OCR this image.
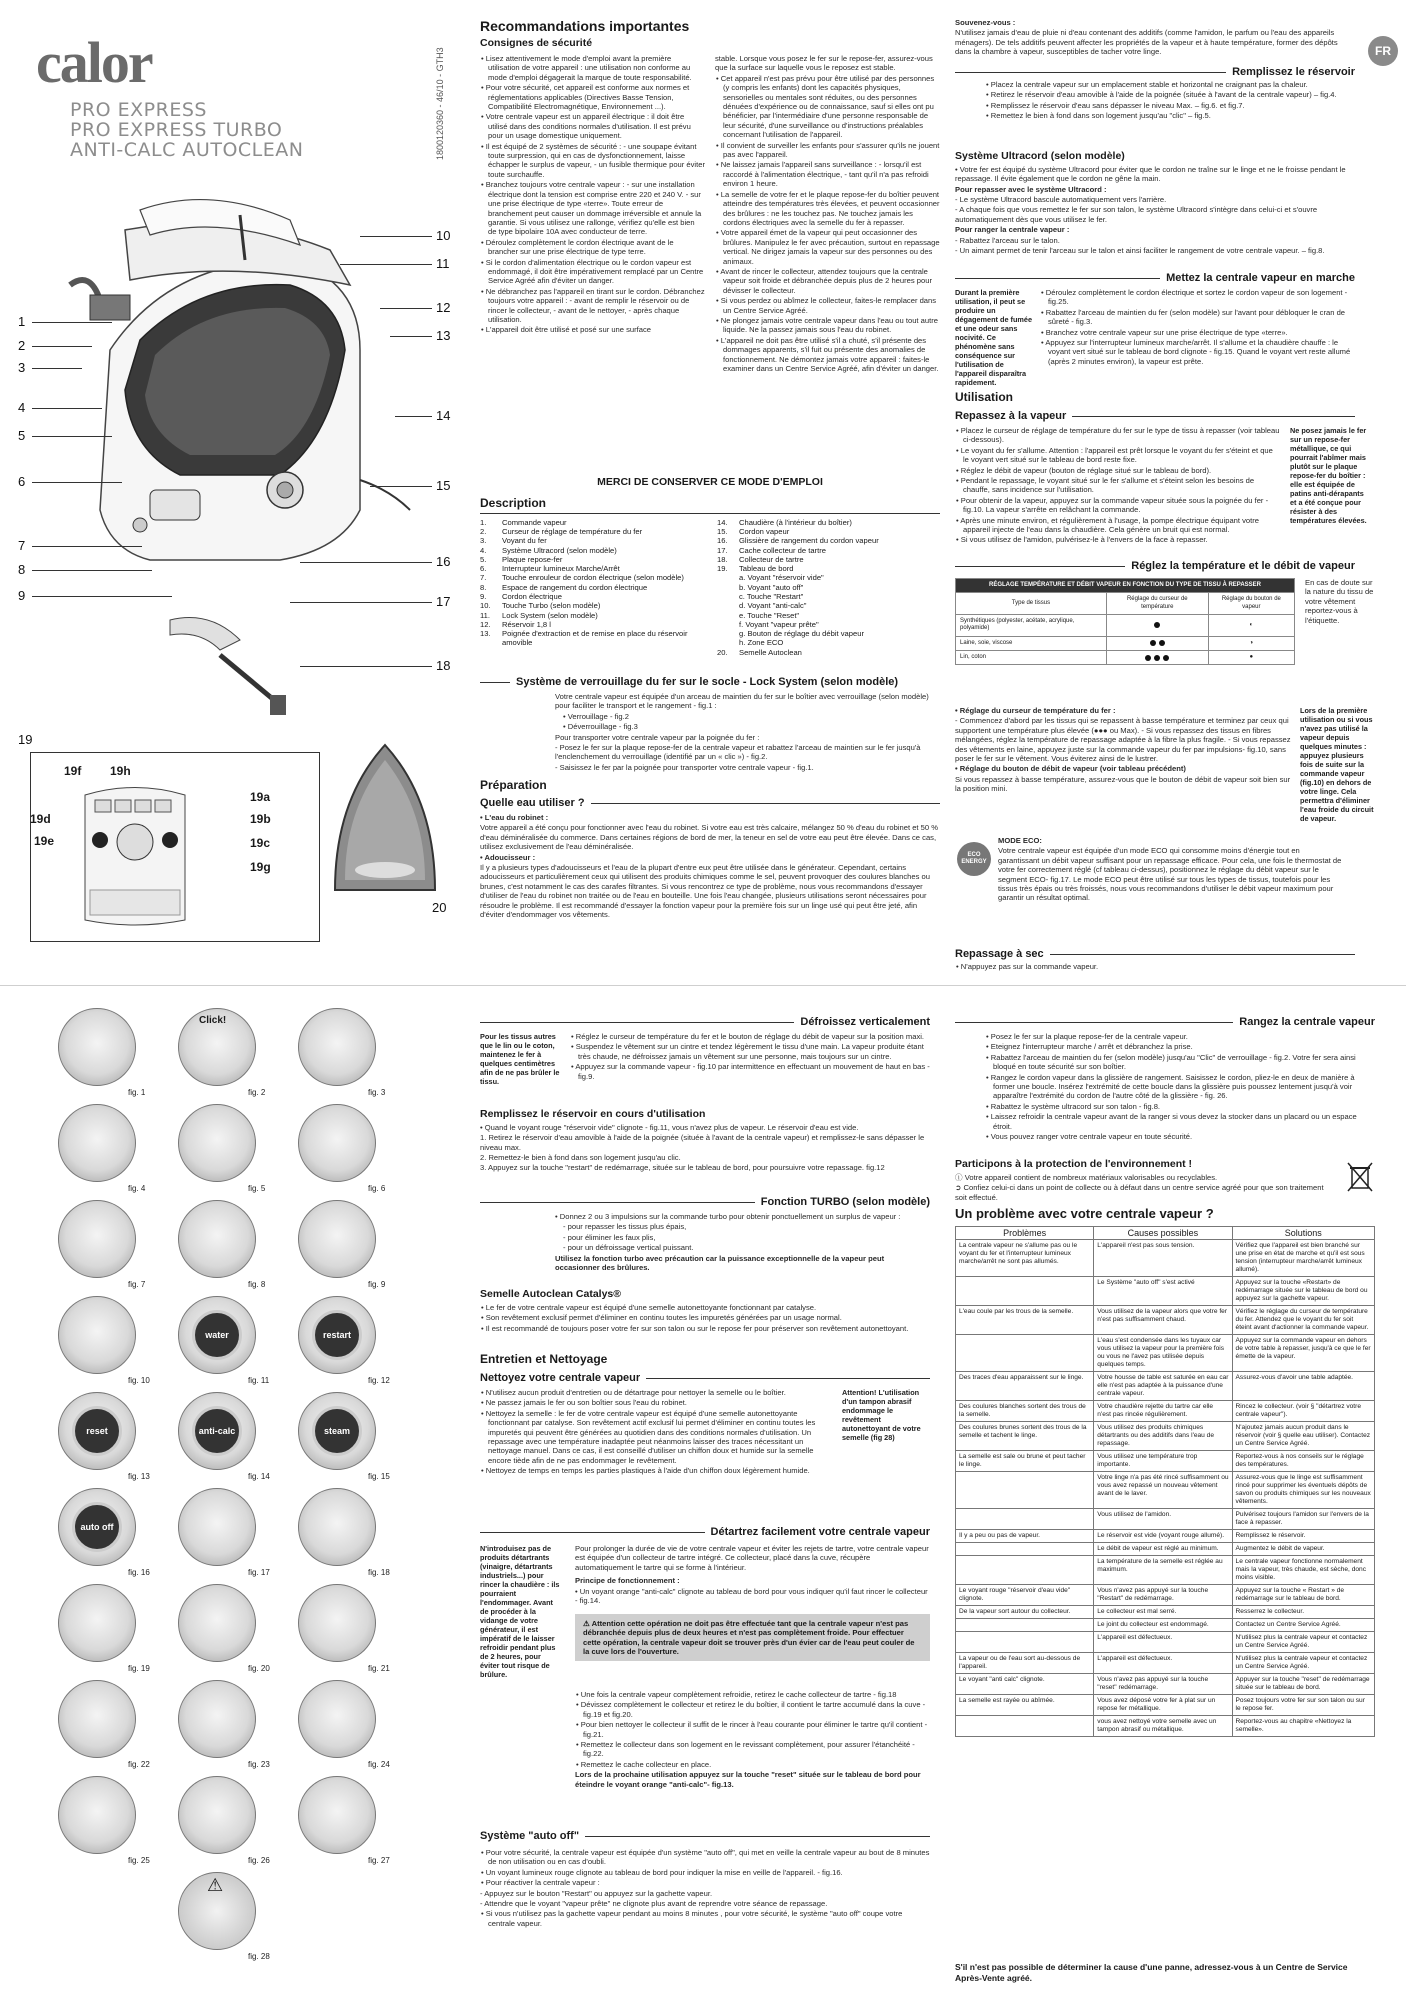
calor
PRO EXPRESS
PRO EXPRESS TURBO
ANTI-CALC AUTOCLEAN	1800120360 - 46/10 - GTH3
1
2
3
4
5
6
7
8
9
10
11
12
13
14
15
16
17
18
19
19f 19h
19a
19d	19b
19e	19c
19g
20
Recommandations importantes
Consignes de sécurité

• Lisez attentivement le mode d'emploi avant la première utilisation de votre appareil : une utilisation non conforme au mode d'emploi dégagerait la marque de toute responsabilité.

• Pour votre sécurité, cet appareil est conforme aux normes et réglementations applicables (Directives Basse Tension, Compatibilité Electromagnétique, Environnement ...).

• Votre centrale vapeur est un appareil électrique : il doit être utilisé dans des conditions normales d'utilisation. Il est prévu pour un usage domestique uniquement.

• Il est équipé de 2 systèmes de sécurité : - une soupape évitant toute surpression, qui en cas de dysfonctionnement, laisse échapper le surplus de vapeur, - un fusible thermique pour éviter toute surchauffe.

• Branchez toujours votre centrale vapeur : - sur une installation électrique dont la tension est comprise entre 220 et 240 V. - sur une prise électrique de type «terre». Toute erreur de branchement peut causer un dommage irréversible et annule la garantie. Si vous utilisez une rallonge, vérifiez qu'elle est bien de type bipolaire 10A avec conducteur de terre.

• Déroulez complètement le cordon électrique avant de le brancher sur une prise électrique de type terre.

• Si le cordon d'alimentation électrique ou le cordon vapeur est endommagé, il doit être impérativement remplacé par un Centre Service Agréé afin d'éviter un danger.

• Ne débranchez pas l'appareil en tirant sur le cordon. Débranchez toujours votre appareil : - avant de remplir le réservoir ou de rincer le collecteur, - avant de le nettoyer, - après chaque utilisation.

• L'appareil doit être utilisé et posé sur une surface

stable. Lorsque vous posez le fer sur le repose-fer, assurez-vous que la surface sur laquelle vous le reposez est stable.

• Cet appareil n'est pas prévu pour être utilisé par des personnes (y compris les enfants) dont les capacités physiques, sensorielles ou mentales sont réduites, ou des personnes dénuées d'expérience ou de connaissance, sauf si elles ont pu bénéficier, par l'intermédiaire d'une personne responsable de leur sécurité, d'une surveillance ou d'instructions préalables concernant l'utilisation de l'appareil.

• Il convient de surveiller les enfants pour s'assurer qu'ils ne jouent pas avec l'appareil.

• Ne laissez jamais l'appareil sans surveillance : - lorsqu'il est raccordé à l'alimentation électrique, - tant qu'il n'a pas refroidi environ 1 heure.

• La semelle de votre fer et le plaque repose-fer du boîtier peuvent atteindre des températures très élevées, et peuvent occasionner des brûlures : ne les touchez pas. Ne touchez jamais les cordons électriques avec la semelle du fer à repasser.

• Votre appareil émet de la vapeur qui peut occasionner des brûlures. Manipulez le fer avec précaution, surtout en repassage vertical. Ne dirigez jamais la vapeur sur des personnes ou des animaux.

• Avant de rincer le collecteur, attendez toujours que la centrale vapeur soit froide et débranchée depuis plus de 2 heures pour dévisser le collecteur.

• Si vous perdez ou abîmez le collecteur, faites-le remplacer dans un Centre Service Agréé.

• Ne plongez jamais votre centrale vapeur dans l'eau ou tout autre liquide. Ne la passez jamais sous l'eau du robinet.

• L'appareil ne doit pas être utilisé s'il a chuté, s'il présente des dommages apparents, s'il fuit ou présente des anomalies de fonctionnement. Ne démontez jamais votre appareil : faites-le examiner dans un Centre Service Agréé, afin d'éviter un danger.

MERCI DE CONSERVER CE MODE D'EMPLOI
Description
1.	Commande vapeur
2.	Curseur de réglage de température du fer
3.	Voyant du fer
4.	Système Ultracord (selon modèle)
5.	Plaque repose-fer
6.	Interrupteur lumineux Marche/Arrêt
7.	Touche enrouleur de cordon électrique (selon modèle)
8.	Espace de rangement du cordon électrique
9.	Cordon électrique
10.	Touche Turbo (selon modèle)
11.	Lock System (selon modèle)
12.	Réservoir 1,8 l
13.	Poignée d'extraction et de remise en place du réservoir amovible
14.	Chaudière (à l'intérieur du boîtier)
15.	Cordon vapeur
16.	Glissière de rangement du cordon vapeur
17.	Cache collecteur de tartre
18.	Collecteur de tartre
19.	Tableau de bord
a. Voyant "réservoir vide"
b. Voyant "auto off"
c. Touche "Restart"
d. Voyant "anti-calc"
e. Touche "Reset"
f. Voyant "vapeur prête"
g. Bouton de réglage du débit vapeur
h. Zone ECO
20.	Semelle Autoclean
Système de verrouillage du fer sur le socle - Lock System (selon modèle)

Votre centrale vapeur est équipée d'un arceau de maintien du fer sur le boîtier avec verrouillage (selon modèle) pour faciliter le transport et le rangement - fig.1 :

• Verrouillage - fig.2

• Déverrouillage - fig.3

Pour transporter votre centrale vapeur par la poignée du fer :

- Posez le fer sur la plaque repose-fer de la centrale vapeur et rabattez l'arceau de maintien sur le fer jusqu'à l'enclenchement du verrouillage (identifié par un « clic ») - fig.2.

- Saisissez le fer par la poignée pour transporter votre centrale vapeur - fig.1.

Préparation
Quelle eau utiliser ?

• L'eau du robinet :

Votre appareil a été conçu pour fonctionner avec l'eau du robinet. Si votre eau est très calcaire, mélangez 50 % d'eau du robinet et 50 % d'eau déminéralisée du commerce. Dans certaines régions de bord de mer, la teneur en sel de votre eau peut être élevée. Dans ce cas, utilisez exclusivement de l'eau déminéralisée.

• Adoucisseur :

Il y a plusieurs types d'adoucisseurs et l'eau de la plupart d'entre eux peut être utilisée dans le générateur. Cependant, certains adoucisseurs et particulièrement ceux qui utilisent des produits chimiques comme le sel, peuvent provoquer des coulures blanches ou brunes, c'est notamment le cas des carafes filtrantes. Si vous rencontrez ce type de problème, nous vous recommandons d'essayer d'utiliser de l'eau du robinet non traitée ou de l'eau en bouteille. Une fois l'eau changée, plusieurs utilisations seront nécessaires pour résoudre le problème. Il est recommandé d'essayer la fonction vapeur pour la première fois sur un linge usé qui peut être jeté, afin d'éviter d'endommager vos vêtements.

FR

Souvenez-vous :

N'utilisez jamais d'eau de pluie ni d'eau contenant des additifs (comme l'amidon, le parfum ou l'eau des appareils ménagers). De tels additifs peuvent affecter les propriétés de la vapeur et à haute température, former des dépôts dans la chambre à vapeur, susceptibles de tacher votre linge.

Remplissez le réservoir

• Placez la centrale vapeur sur un emplacement stable et horizontal ne craignant pas la chaleur.

• Retirez le réservoir d'eau amovible à l'aide de la poignée (située à l'avant de la centrale vapeur) – fig.4.

• Remplissez le réservoir d'eau sans dépasser le niveau Max. – fig.6. et fig.7.

• Remettez le bien à fond dans son logement jusqu'au "clic" – fig.5.

Système Ultracord (selon modèle)

• Votre fer est équipé du système Ultracord pour éviter que le cordon ne traîne sur le linge et ne le froisse pendant le repassage. Il évite également que le cordon ne gêne la main.

Pour repasser avec le système Ultracord :

- Le système Ultracord bascule automatiquement vers l'arrière.

- A chaque fois que vous remettez le fer sur son talon, le système Ultracord s'intègre dans celui-ci et s'ouvre automatiquement dès que vous utilisez le fer.

Pour ranger la centrale vapeur :

- Rabattez l'arceau sur le talon.

- Un aimant permet de tenir l'arceau sur le talon et ainsi faciliter le rangement de votre centrale vapeur. – fig.8.

Mettez la centrale vapeur en marche
Durant la première utilisation, il peut se produire un dégagement de fumée et une odeur sans nocivité. Ce phénomène sans conséquence sur l'utilisation de l'appareil disparaîtra rapidement.

• Déroulez complètement le cordon électrique et sortez le cordon vapeur de son logement - fig.25.

• Rabattez l'arceau de maintien du fer (selon modèle) sur l'avant pour débloquer le cran de sûreté - fig.3.

• Branchez votre centrale vapeur sur une prise électrique de type «terre».

• Appuyez sur l'interrupteur lumineux marche/arrêt. Il s'allume et la chaudière chauffe : le voyant vert situé sur le tableau de bord clignote - fig.15. Quand le voyant vert reste allumé (après 2 minutes environ), la vapeur est prête.

Utilisation
Repassez à la vapeur

• Placez le curseur de réglage de température du fer sur le type de tissu à repasser (voir tableau ci-dessous).

• Le voyant du fer s'allume. Attention : l'appareil est prêt lorsque le voyant du fer s'éteint et que le voyant vert situé sur le tableau de bord reste fixe.

• Réglez le débit de vapeur (bouton de réglage situé sur le tableau de bord).

• Pendant le repassage, le voyant situé sur le fer s'allume et s'éteint selon les besoins de chauffe, sans incidence sur l'utilisation.

• Pour obtenir de la vapeur, appuyez sur la commande vapeur située sous la poignée du fer - fig.10. La vapeur s'arrête en relâchant la commande.

• Après une minute environ, et régulièrement à l'usage, la pompe électrique équipant votre appareil injecte de l'eau dans la chaudière. Cela génère un bruit qui est normal.

• Si vous utilisez de l'amidon, pulvérisez-le à l'envers de la face à repasser.

Ne posez jamais le fer sur un repose-fer métallique, ce qui pourrait l'abîmer mais plutôt sur le plaque repose-fer du boîtier : elle est équipée de patins anti-dérapants et a été conçue pour résister à des températures élevées.
Réglez la température et le débit de vapeur
RÉGLAGE TEMPÉRATURE ET DÉBIT VAPEUR EN FONCTION DU TYPE DE TISSU À REPASSER		
Type de tissus	Réglage du curseur de température	Réglage du bouton de vapeur
Synthétiques (polyester, acétate, acrylique, polyamide)		◐
Laine, soie, viscose		◑
Lin, coton		●
En cas de doute sur la nature du tissu de votre vêtement reportez-vous à l'étiquette.

• Réglage du curseur de température du fer :

- Commencez d'abord par les tissus qui se repassent à basse température et terminez par ceux qui supportent une température plus élevée (●●● ou Max). - Si vous repassez des tissus en fibres mélangées, réglez la température de repassage adaptée à la fibre la plus fragile. - Si vous repassez des vêtements en laine, appuyez juste sur la commande vapeur du fer par impulsions- fig.10, sans poser le fer sur le vêtement. Vous éviterez ainsi de le lustrer.

• Réglage du bouton de débit de vapeur (voir tableau précédent)

Si vous repassez à basse température, assurez-vous que le bouton de débit de vapeur soit bien sur la position mini.

Lors de la première utilisation ou si vous n'avez pas utilisé la vapeur depuis quelques minutes : appuyez plusieurs fois de suite sur la commande vapeur (fig.10) en dehors de votre linge. Cela permettra d'éliminer l'eau froide du circuit de vapeur.
ECO ENERGY

MODE ECO:

Votre centrale vapeur est équipée d'un mode ECO qui consomme moins d'énergie tout en garantissant un débit vapeur suffisant pour un repassage efficace. Pour cela, une fois le thermostat de votre fer correctement réglé (cf tableau ci-dessus), positionnez le réglage du débit vapeur sur le segment ECO- fig.17. Le mode ECO peut être utilisé sur tous les types de tissus, toutefois pour les tissus très épais ou très froissés, nous vous recommandons d'utiliser le débit vapeur maximum pour garantir un résultat optimal.

Repassage à sec

• N'appuyez pas sur la commande vapeur.

fig. 1
Click!
fig. 2	fig. 3
fig. 4	fig. 5	fig. 6
fig. 7	fig. 8	fig. 9
fig. 10
water
fig. 11
restart
fig. 12
reset
fig. 13
anti-calc
fig. 14
steam
fig. 15
auto off
fig. 16	fig. 17	fig. 18
fig. 19	fig. 20	fig. 21
fig. 22	fig. 23	fig. 24
fig. 25	fig. 26	fig. 27
⚠
fig. 28
Défroissez verticalement
Pour les tissus autres que le lin ou le coton, maintenez le fer à quelques centimètres afin de ne pas brûler le tissu.

• Réglez le curseur de température du fer et le bouton de réglage du débit de vapeur sur la position maxi.

• Suspendez le vêtement sur un cintre et tendez légèrement le tissu d'une main. La vapeur produite étant très chaude, ne défroissez jamais un vêtement sur une personne, mais toujours sur un cintre.

• Appuyez sur la commande vapeur - fig.10 par intermittence en effectuant un mouvement de haut en bas - fig.9.

Remplissez le réservoir en cours d'utilisation

• Quand le voyant rouge "réservoir vide" clignote - fig.11, vous n'avez plus de vapeur. Le réservoir d'eau est vide.

1. Retirez le réservoir d'eau amovible à l'aide de la poignée (située à l'avant de la centrale vapeur) et remplissez-le sans dépasser le niveau max.

2. Remettez-le bien à fond dans son logement jusqu'au clic.

3. Appuyez sur la touche "restart" de redémarrage, située sur le tableau de bord, pour poursuivre votre repassage. fig.12

Fonction TURBO (selon modèle)

• Donnez 2 ou 3 impulsions sur la commande turbo pour obtenir ponctuellement un surplus de vapeur :

- pour repasser les tissus plus épais,

- pour éliminer les faux plis,

- pour un défroissage vertical puissant.

Utilisez la fonction turbo avec précaution car la puissance exceptionnelle de la vapeur peut occasionner des brûlures.

Semelle Autoclean Catalys®

• Le fer de votre centrale vapeur est équipé d'une semelle autonettoyante fonctionnant par catalyse.

• Son revêtement exclusif permet d'éliminer en continu toutes les impuretés générées par un usage normal.

• Il est recommandé de toujours poser votre fer sur son talon ou sur le repose fer pour préserver son revêtement autonettoyant.

Entretien et Nettoyage
Nettoyez votre centrale vapeur

• N'utilisez aucun produit d'entretien ou de détartrage pour nettoyer la semelle ou le boîtier.

• Ne passez jamais le fer ou son boîtier sous l'eau du robinet.

• Nettoyez la semelle : le fer de votre centrale vapeur est équipé d'une semelle autonettoyante fonctionnant par catalyse. Son revêtement actif exclusif lui permet d'éliminer en continu toutes les impuretés qui peuvent être générées au quotidien dans des conditions normales d'utilisation. Un repassage avec une température inadaptée peut néanmoins laisser des traces nécessitant un nettoyage manuel. Dans ce cas, il est conseillé d'utiliser un chiffon doux et humide sur la semelle encore tiède afin de ne pas endommager le revêtement.

• Nettoyez de temps en temps les parties plastiques à l'aide d'un chiffon doux légèrement humide.

Attention! L'utilisation d'un tampon abrasif endommage le revêtement autonettoyant de votre semelle (fig 28)
Détartrez facilement votre centrale vapeur
N'introduisez pas de produits détartrants (vinaigre, détartrants industriels...) pour rincer la chaudière : ils pourraient l'endommager. Avant de procéder à la vidange de votre générateur, il est impératif de le laisser refroidir pendant plus de 2 heures, pour éviter tout risque de brûlure.

Pour prolonger la durée de vie de votre centrale vapeur et éviter les rejets de tartre, votre centrale vapeur est équipée d'un collecteur de tartre intégré. Ce collecteur, placé dans la cuve, récupère automatiquement le tartre qui se forme à l'intérieur.

Principe de fonctionnement :

• Un voyant orange "anti-calc" clignote au tableau de bord pour vous indiquer qu'il faut rincer le collecteur - fig.14.

⚠ Attention cette opération ne doit pas être effectuée tant que la centrale vapeur n'est pas débranchée depuis plus de deux heures et n'est pas complètement froide. Pour effectuer cette opération, la centrale vapeur doit se trouver près d'un évier car de l'eau peut couler de la cuve lors de l'ouverture.

• Une fois la centrale vapeur complètement refroidie, retirez le cache collecteur de tartre - fig.18

• Dévissez complètement le collecteur et retirez le du boîtier, il contient le tartre accumulé dans la cuve - fig.19 et fig.20.

• Pour bien nettoyer le collecteur il suffit de le rincer à l'eau courante pour éliminer le tartre qu'il contient - fig.21.

• Remettez le collecteur dans son logement en le revissant complètement, pour assurer l'étanchéité - fig.22.

• Remettez le cache collecteur en place.

Lors de la prochaine utilisation appuyez sur la touche "reset" située sur le tableau de bord pour éteindre le voyant orange "anti-calc"- fig.13.

Système "auto off"

• Pour votre sécurité, la centrale vapeur est équipée d'un système "auto off", qui met en veille la centrale vapeur au bout de 8 minutes de non utilisation ou en cas d'oubli.

• Un voyant lumineux rouge clignote au tableau de bord pour indiquer la mise en veille de l'appareil. - fig.16.

• Pour réactiver la centrale vapeur :

- Appuyez sur le bouton "Restart" ou appuyez sur la gachette vapeur.

- Attendre que le voyant "vapeur prête" ne clignote plus avant de reprendre votre séance de repassage.

• Si vous n'utilisez pas la gachette vapeur pendant au moins 8 minutes , pour votre sécurité, le système "auto off" coupe votre centrale vapeur.

Rangez la centrale vapeur

• Posez le fer sur la plaque repose-fer de la centrale vapeur.

• Eteignez l'interrupteur marche / arrêt et débranchez la prise.

• Rabattez l'arceau de maintien du fer (selon modèle) jusqu'au "Clic" de verrouillage - fig.2. Votre fer sera ainsi bloqué en toute sécurité sur son boîtier.

• Rangez le cordon vapeur dans la glissière de rangement. Saisissez le cordon, pliez-le en deux de manière à former une boucle. Insérez l'extrémité de cette boucle dans la glissière puis poussez lentement jusqu'à voir apparaître l'extrémité du cordon de l'autre côté de la glissière - fig. 26.

• Rabattez le système ultracord sur son talon - fig.8.

• Laissez refroidir la centrale vapeur avant de la ranger si vous devez la stocker dans un placard ou un espace étroit.

• Vous pouvez ranger votre centrale vapeur en toute sécurité.

Participons à la protection de l'environnement !

ⓘ Votre appareil contient de nombreux matériaux valorisables ou recyclables.

➲ Confiez celui-ci dans un point de collecte ou à défaut dans un centre service agréé pour que son traitement soit effectué.

Un problème avec votre centrale vapeur ?
Problèmes	Causes possibles	Solutions
La centrale vapeur ne s'allume pas ou le voyant du fer et l'interrupteur lumineux marche/arrêt ne sont pas allumés.	L'appareil n'est pas sous tension.	Vérifiez que l'appareil est bien branché sur une prise en état de marche et qu'il est sous tension (interrupteur marche/arrêt lumineux allumé).
	Le Système "auto off" s'est activé	Appuyez sur la touche «Restart» de redémarrage située sur le tableau de bord ou appuyez sur la gachette vapeur.
L'eau coule par les trous de la semelle.	Vous utilisez de la vapeur alors que votre fer n'est pas suffisamment chaud.	Vérifiez le réglage du curseur de température du fer. Attendez que le voyant du fer soit éteint avant d'actionner la commande vapeur.
	L'eau s'est condensée dans les tuyaux car vous utilisez la vapeur pour la première fois ou vous ne l'avez pas utilisée depuis quelques temps.	Appuyez sur la commande vapeur en dehors de votre table à repasser, jusqu'à ce que le fer émette de la vapeur.
Des traces d'eau apparaissent sur le linge.	Votre housse de table est saturée en eau car elle n'est pas adaptée à la puissance d'une centrale vapeur.	Assurez-vous d'avoir une table adaptée.
Des coulures blanches sortent des trous de la semelle.	Votre chaudière rejette du tartre car elle n'est pas rincée régulièrement.	Rincez le collecteur. (voir § "détartrez votre centrale vapeur").
Des coulures brunes sortent des trous de la semelle et tachent le linge.	Vous utilisez des produits chimiques détartrants ou des additifs dans l'eau de repassage.	N'ajoutez jamais aucun produit dans le réservoir (voir § quelle eau utiliser). Contactez un Centre Service Agréé.
La semelle est sale ou brune et peut tacher le linge.	Vous utilisez une température trop importante.	Reportez-vous à nos conseils sur le réglage des températures.
	Votre linge n'a pas été rincé suffisamment ou vous avez repassé un nouveau vêtement avant de le laver.	Assurez-vous que le linge est suffisamment rincé pour supprimer les éventuels dépôts de savon ou produits chimiques sur les nouveaux vêtements.
	Vous utilisez de l'amidon.	Pulvérisez toujours l'amidon sur l'envers de la face à repasser.
Il y a peu ou pas de vapeur.	Le réservoir est vide (voyant rouge allumé).	Remplissez le réservoir.
	Le débit de vapeur est réglé au minimum.	Augmentez le débit de vapeur.
	La température de la semelle est réglée au maximum.	Le centrale vapeur fonctionne normalement mais la vapeur, très chaude, est sèche, donc moins visible.
Le voyant rouge "réservoir d'eau vide" clignote.	Vous n'avez pas appuyé sur la touche "Restart" de redémarrage.	Appuyez sur la touche « Restart » de redémarrage sur le tableau de bord.
De la vapeur sort autour du collecteur.	Le collecteur est mal serré.	Resserrez le collecteur.
	Le joint du collecteur est endommagé.	Contactez un Centre Service Agréé.
	L'appareil est défectueux.	N'utilisez plus la centrale vapeur et contactez un Centre Service Agréé.
La vapeur ou de l'eau sort au-dessous de l'appareil.	L'appareil est défectueux.	N'utilisez plus la centrale vapeur et contactez un Centre Service Agréé.
Le voyant "anti calc" clignote.	Vous n'avez pas appuyé sur la touche "reset" redémarrage.	Appuyer sur la touche "reset" de redémarrage située sur le tableau de bord.
La semelle est rayée ou abîmée.	Vous avez déposé votre fer à plat sur un repose fer métallique.	Posez toujours votre fer sur son talon ou sur le repose fer.
	vous avez nettoyé votre semelle avec un tampon abrasif ou métallique.	Reportez-vous au chapitre «Nettoyez la semelle».
S'il n'est pas possible de déterminer la cause d'une panne, adressez-vous à un Centre de Service Après-Vente agréé.
